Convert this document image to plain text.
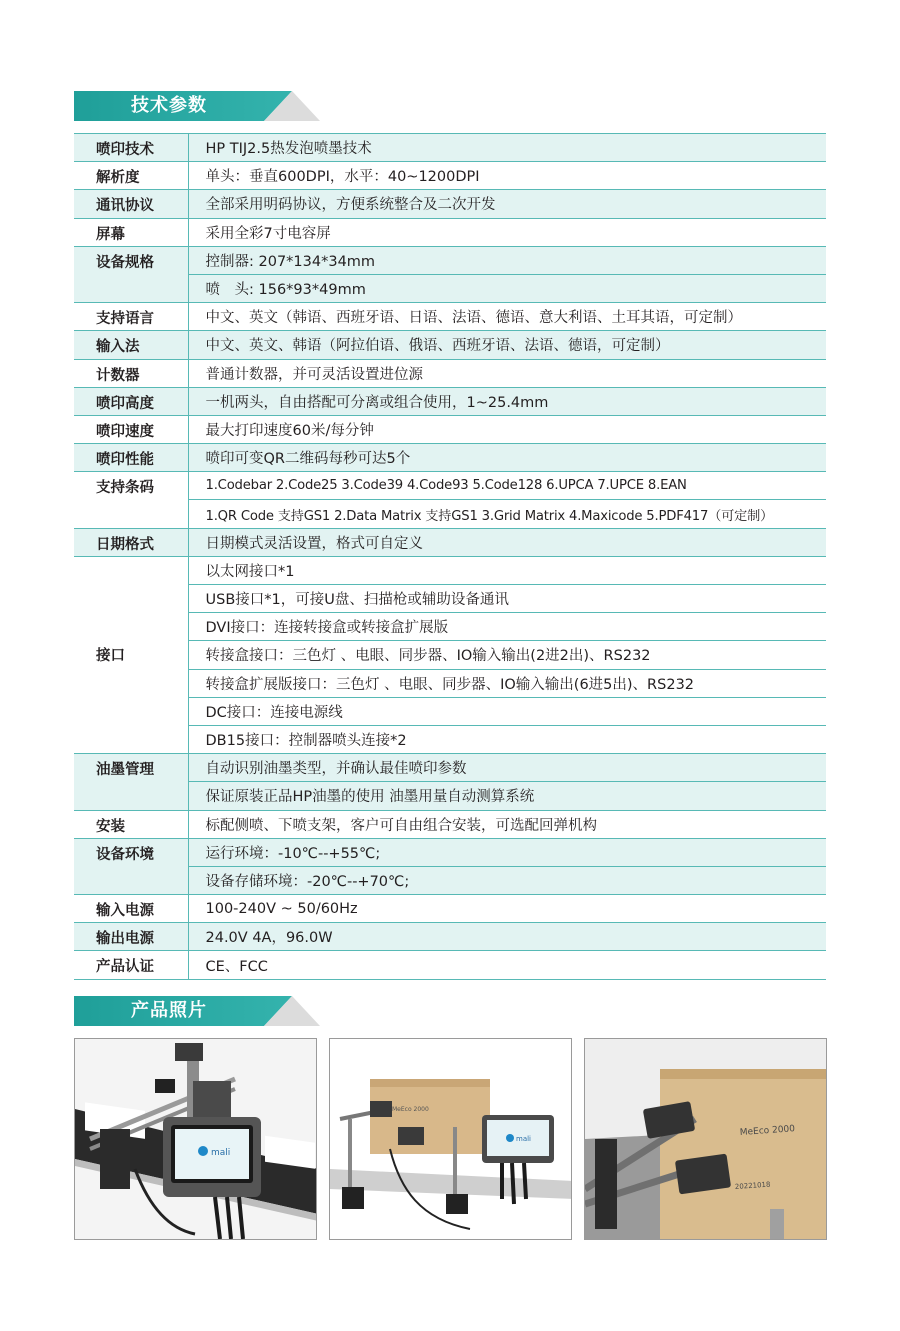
技术参数
喷印技术	HP TIJ2.5热发泡喷墨技术
解析度	单头：垂直600DPI，水平：40~1200DPI
通讯协议	全部采用明码协议，方便系统整合及二次开发
屏幕	采用全彩7寸电容屏
设备规格	控制器: 207*134*34mm
	喷　头: 156*93*49mm
支持语言	中文、英文（韩语、西班牙语、日语、法语、德语、意大利语、土耳其语，可定制）
输入法	中文、英文、韩语（阿拉伯语、俄语、西班牙语、法语、德语，可定制）
计数器	普通计数器，并可灵活设置进位源
喷印高度	一机两头，自由搭配可分离或组合使用，1~25.4mm
喷印速度	最大打印速度60米/每分钟
喷印性能	喷印可变QR二维码每秒可达5个
支持条码	1.Codebar 2.Code25 3.Code39 4.Code93 5.Code128 6.UPCA 7.UPCE 8.EAN
	1.QR Code 支持GS1 2.Data Matrix 支持GS1 3.Grid Matrix 4.Maxicode 5.PDF417（可定制）
日期格式	日期模式灵活设置，格式可自定义
接口	以太网接口*1
	USB接口*1，可接U盘、扫描枪或辅助设备通讯
	DVI接口：连接转接盒或转接盒扩展版
	转接盒接口：三色灯 、电眼、同步器、IO输入输出(2进2出)、RS232
	转接盒扩展版接口：三色灯 、电眼、同步器、IO输入输出(6进5出)、RS232
	DC接口：连接电源线
	DB15接口：控制器喷头连接*2
油墨管理	自动识别油墨类型，并确认最佳喷印参数
	保证原装正品HP油墨的使用 油墨用量自动测算系统
安装	标配侧喷、下喷支架，客户可自由组合安装，可选配回弹机构
设备环境	运行环境：-10℃--+55℃;
	设备存储环境：-20℃--+70℃;
输入电源	100-240V ~ 50/60Hz
输出电源	24.0V 4A，96.0W
产品认证	CE、FCC
产品照片
mali
MeEco 2000
mali
MeEco 2000
20221018
